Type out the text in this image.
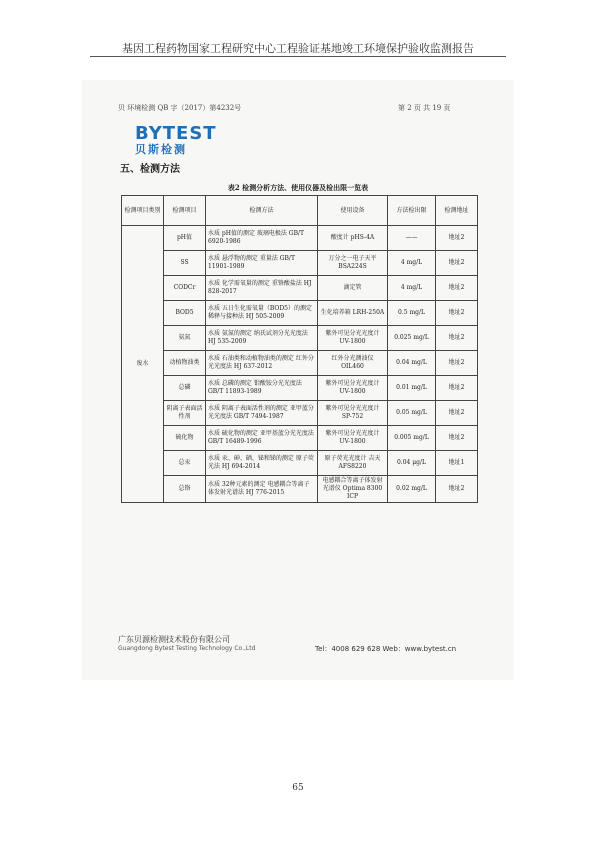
基因工程药物国家工程研究中心工程验证基地竣工环境保护验收监测报告
贝 环境检测 QB 字（2017）第4232号	第 2 页 共 19 页
BYTEST
贝斯检测
五、检测方法
表2 检测分析方法、使用仪器及检出限一览表
检测项目类别	检测项目	检测方法	使用设备	方法检出限	检测地址
废水	pH值	水质 pH值的测定 玻璃电极法 GB/T 6920-1986	酸度计 pHS-4A	——	地址2
	SS	水质 悬浮物的测定 重量法 GB/T 11901-1989	万分之一电子天平 BSA224S	4 mg/L	地址2
	CODCr	水质 化学需氧量的测定 重铬酸盐法 HJ 828-2017	滴定管	4 mg/L	地址2
	BOD5	水质 五日生化需氧量（BOD5）的测定 稀释与接种法 HJ 505-2009	生化培养箱 LRH-250A	0.5 mg/L	地址2
	氨氮	水质 氨氮的测定 纳氏试剂分光光度法 HJ 535-2009	紫外可见分光光度计 UV-1800	0.025 mg/L	地址2
	动植物油类	水质 石油类和动植物油类的测定 红外分光光度法 HJ 637-2012	红外分光测油仪 OIL460	0.04 mg/L	地址2
	总磷	水质 总磷的测定 钼酸铵分光光度法 GB/T 11893-1989	紫外可见分光光度计 UV-1800	0.01 mg/L	地址2
	阴离子表面活性剂	水质 阴离子表面活性剂的测定 亚甲蓝分光光度法 GB/T 7494-1987	紫外可见分光光度计 SP-752	0.05 mg/L	地址2
	硫化物	水质 硫化物的测定 亚甲基蓝分光光度法 GB/T 16489-1996	紫外可见分光光度计 UV-1800	0.005 mg/L	地址2
	总汞	水质 汞、砷、硒、铋和锑的测定 原子荧光法 HJ 694-2014	原子荧光光度计 吉天 AFS8220	0.04 μg/L	地址1
	总铬	水质 32种元素的测定 电感耦合等离子体发射光谱法 HJ 776-2015	电感耦合等离子体发射光谱仪 Optima 8300 ICP	0.02 mg/L	地址2
广东贝源检测技术股份有限公司
Guangdong Bytest Testing Technology Co.,Ltd	Tel：4008 629 628 Web：www.bytest.cn
65
